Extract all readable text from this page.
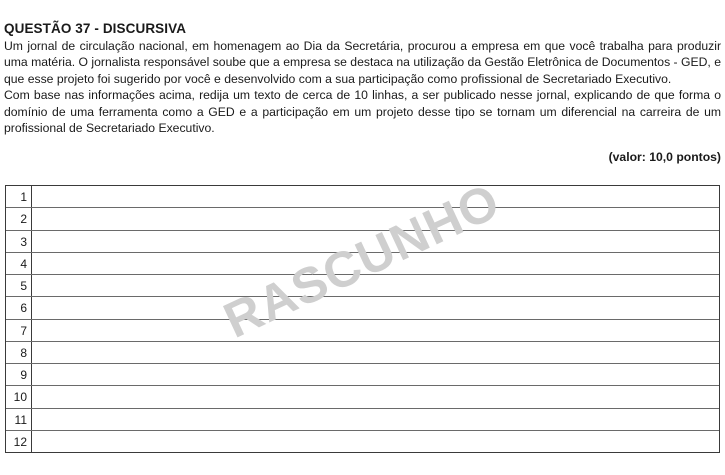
QUESTÃO 37 - DISCURSIVA

Um jornal de circulação nacional, em homenagem ao Dia da Secretária, procurou a empresa em que você trabalha para produzir uma matéria. O jornalista responsável soube que a empresa se destaca na utilização da Gestão Eletrônica de Documentos - GED, e que esse projeto foi sugerido por você e desenvolvido com a sua participação como profissional de Secretariado Executivo.

Com base nas informações acima, redija um texto de cerca de 10 linhas, a ser publicado nesse jornal, explicando de que forma o domínio de uma ferramenta como a GED e a participação em um projeto desse tipo se tornam um diferencial na carreira de um profissional de Secretariado Executivo.

(valor: 10,0 pontos)
1
2
3
4
5
6
7
8
9
10
11
12
RASCUNHO
